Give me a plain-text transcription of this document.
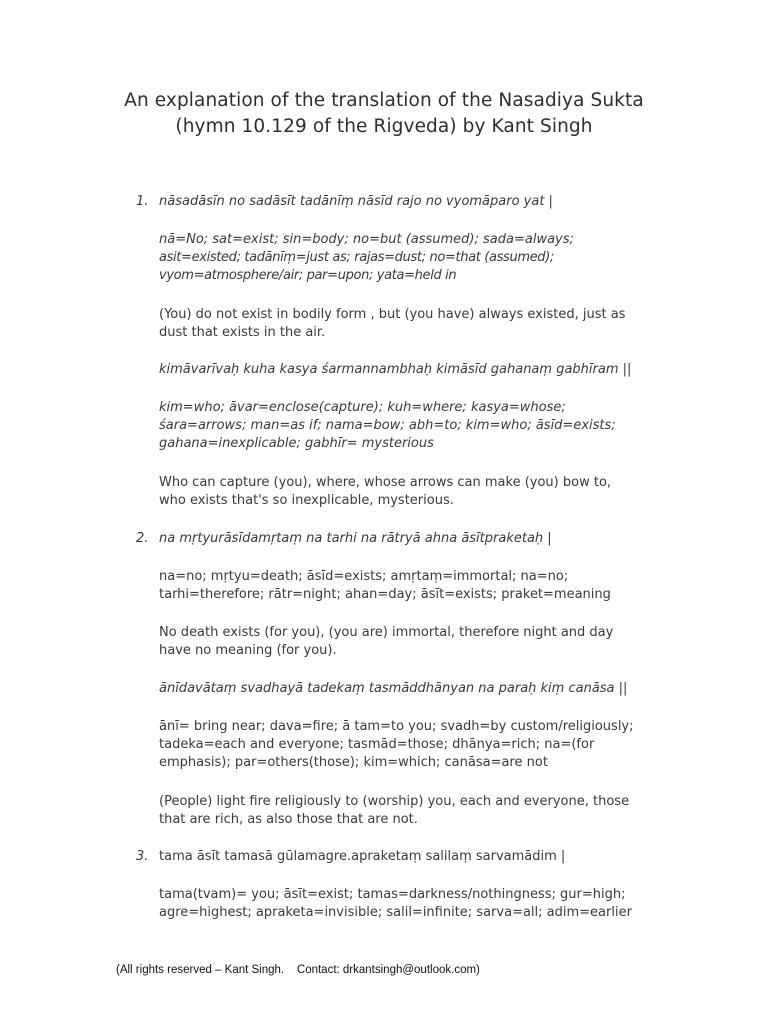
An explanation of the translation of the Nasadiya Sukta
(hymn 10.129 of the Rigveda) by Kant Singh
1. nāsadāsīn no sadāsīt tadānīṃ nāsīd rajo no vyomāparo yat |
nā=No; sat=exist; sin=body; no=but (assumed); sada=always;
asit=existed; tadānīṃ=just as; rajas=dust; no=that (assumed);
vyom=atmosphere/air; par=upon; yata=held in
(You) do not exist in bodily form , but (you have) always existed, just as
dust that exists in the air.
kimāvarīvaḥ kuha kasya śarmannambhaḥ kimāsīd gahanaṃ gabhīram ||
kim=who; āvar=enclose(capture); kuh=where; kasya=whose;
śara=arrows; man=as if; nama=bow; abh=to; kim=who; āsīd=exists;
gahana=inexplicable; gabhīr= mysterious
Who can capture (you), where, whose arrows can make (you) bow to,
who exists that's so inexplicable, mysterious.
2. na mṛtyurāsīdamṛtaṃ na tarhi na rātryā ahna āsītpraketaḥ |
na=no; mṛtyu=death; āsīd=exists; amṛtaṃ=immortal; na=no;
tarhi=therefore; rātr=night; ahan=day; āsīt=exists; praket=meaning
No death exists (for you), (you are) immortal, therefore night and day
have no meaning (for you).
ānīdavātaṃ svadhayā tadekaṃ tasmāddhānyan na paraḥ kiṃ canāsa ||
ānī= bring near; dava=fire; ā tam=to you; svadh=by custom/religiously;
tadeka=each and everyone; tasmād=those; dhānya=rich; na=(for
emphasis); par=others(those); kim=which; canāsa=are not
(People) light fire religiously to (worship) you, each and everyone, those
that are rich, as also those that are not.
3. tama āsīt tamasā gūlamagre.apraketaṃ salilaṃ sarvamādim |
tama(tvam)= you; āsīt=exist; tamas=darkness/nothingness; gur=high;
agre=highest; apraketa=invisible; salil=infinite; sarva=all; adim=earlier
(All rights reserved – Kant Singh.    Contact: drkantsingh@outlook.com)
